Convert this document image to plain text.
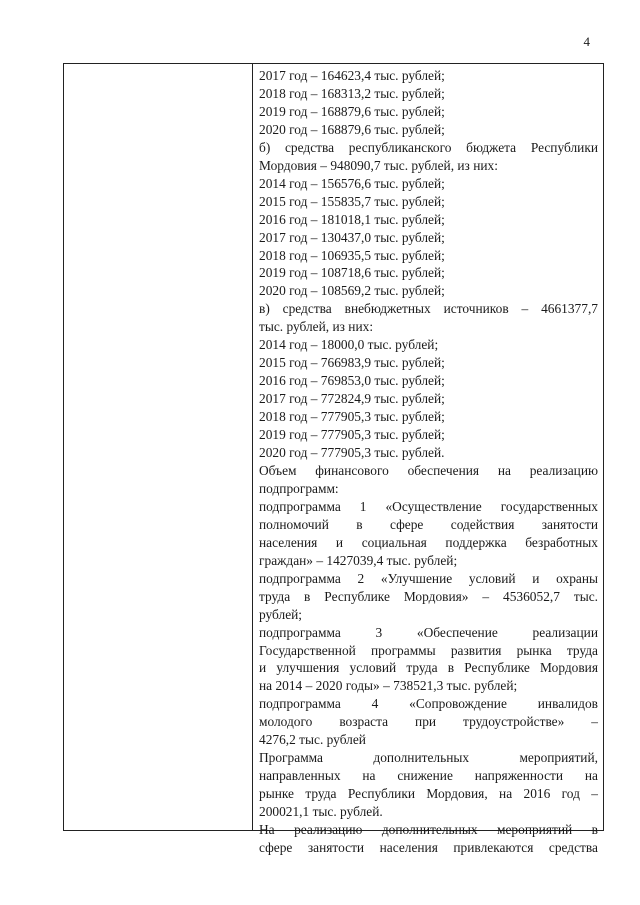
4
2017 год – 164623,4 тыс. рублей;
2018 год – 168313,2 тыс. рублей;
2019 год – 168879,6 тыс. рублей;
2020 год – 168879,6 тыс. рублей;
б) средства республиканского бюджета Республики
Мордовия – 948090,7 тыс. рублей, из них:
2014 год – 156576,6 тыс. рублей;
2015 год – 155835,7 тыс. рублей;
2016 год – 181018,1 тыс. рублей;
2017 год – 130437,0 тыс. рублей;
2018 год – 106935,5 тыс. рублей;
2019 год – 108718,6 тыс. рублей;
2020 год – 108569,2 тыс. рублей;
в) средства внебюджетных источников – 4661377,7
тыс. рублей, из них:
2014 год – 18000,0 тыс. рублей;
2015 год – 766983,9 тыс. рублей;
2016 год – 769853,0 тыс. рублей;
2017 год – 772824,9 тыс. рублей;
2018 год – 777905,3 тыс. рублей;
2019 год – 777905,3 тыс. рублей;
2020 год – 777905,3 тыс. рублей.
Объем финансового обеспечения на реализацию
подпрограмм:
подпрограмма 1 «Осуществление государственных
полномочий в сфере содействия занятости
населения и социальная поддержка безработных
граждан» – 1427039,4 тыс. рублей;
подпрограмма 2 «Улучшение условий и охраны
труда в Республике Мордовия» – 4536052,7 тыс.
рублей;
подпрограмма 3 «Обеспечение реализации
Государственной программы развития рынка труда
и улучшения условий труда в Республике Мордовия
на 2014 – 2020 годы» – 738521,3 тыс. рублей;
подпрограмма 4 «Сопровождение инвалидов
молодого возраста при трудоустройстве» –
4276,2 тыс. рублей
Программа дополнительных мероприятий,
направленных на снижение напряженности на
рынке труда Республики Мордовия, на 2016 год –
200021,1 тыс. рублей.
На реализацию дополнительных мероприятий в
сфере занятости населения привлекаются средства
